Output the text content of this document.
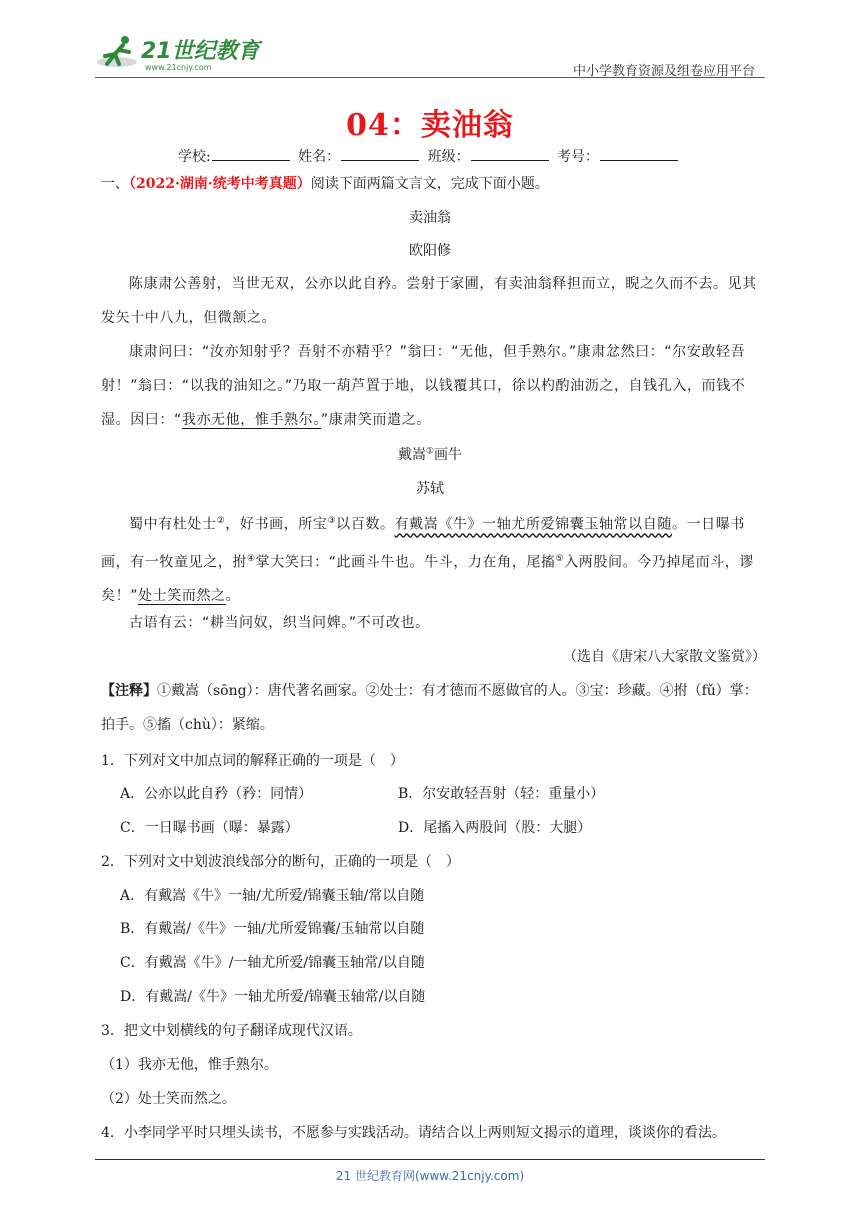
21世纪教育
www.21cnjy.com	中小学教育资源及组卷应用平台
04：卖油翁
学校:	姓名：	班级：	考号：
一、（2022·湖南·统考中考真题）阅读下面两篇文言文，完成下面小题。
卖油翁
欧阳修
陈康肃公善射，当世无双，公亦以此自矜。尝射于家圃，有卖油翁释担而立，睨之久而不去。见其发矢十中八九，但微颔之。
康肃问曰：“汝亦知射乎？吾射不亦精乎？”翁曰：“无他，但手熟尔。”康肃忿然曰：“尔安敢轻吾射！”翁曰：“以我的油知之。”乃取一葫芦置于地，以钱覆其口，徐以杓酌油沥之，自钱孔入，而钱不湿。因曰：“我亦无他，惟手熟尔。”康肃笑而遣之。
戴嵩①画牛
苏轼
蜀中有杜处士②，好书画，所宝③以百数。有戴嵩《牛》一轴尤所爱锦囊玉轴常以自随。一日曝书画，有一牧童见之，拊④掌大笑曰：“此画斗牛也。牛斗，力在角，尾搐⑤入两股间。今乃掉尾而斗，谬矣！”处士笑而然之。
古语有云：“耕当问奴，织当问婢。”不可改也。
（选自《唐宋八大家散文鉴赏》）
【注释】①戴嵩（sōng）：唐代著名画家。②处士：有才德而不愿做官的人。③宝：珍藏。④拊（fǔ）掌：拍手。⑤搐（chù）：紧缩。
1．下列对文中加点词的解释正确的一项是（　）
A．公亦以此自矜（矜：同情）	B．尔安敢轻吾射（轻：重量小）
C．一日曝书画（曝：暴露）	D．尾搐入两股间（股：大腿）
2．下列对文中划波浪线部分的断句，正确的一项是（　）
A．有戴嵩《牛》一轴/尤所爱/锦囊玉轴/常以自随
B．有戴嵩/《牛》一轴/尤所爱锦囊/玉轴常以自随
C．有戴嵩《牛》/一轴尤所爱/锦囊玉轴常/以自随
D．有戴嵩/《牛》一轴尤所爱/锦囊玉轴常/以自随
3．把文中划横线的句子翻译成现代汉语。
（1）我亦无他，惟手熟尔。
（2）处士笑而然之。
4．小李同学平时只埋头读书，不愿参与实践活动。请结合以上两则短文揭示的道理，谈谈你的看法。
21 世纪教育网(www.21cnjy.com)
